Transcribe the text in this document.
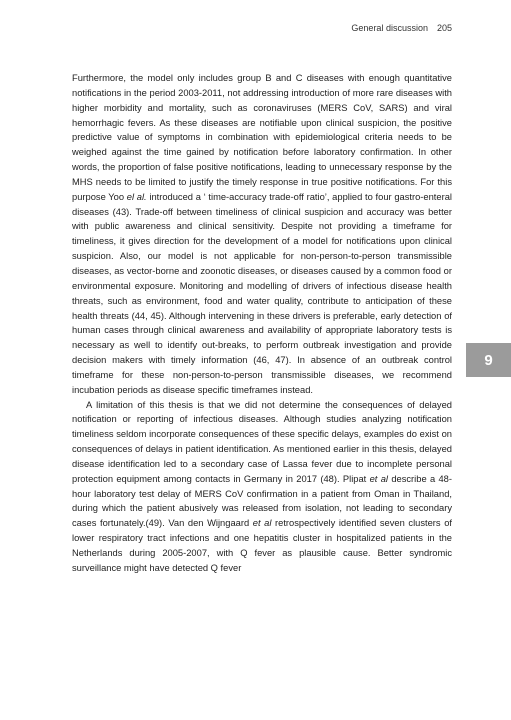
General discussion 205

Furthermore, the model only includes group B and C diseases with enough quantitative notifications in the period 2003-2011, not addressing introduction of more rare diseases with higher morbidity and mortality, such as coronaviruses (MERS CoV, SARS) and viral hemorrhagic fevers. As these diseases are notifiable upon clinical suspicion, the positive predictive value of symptoms in combination with epidemiological criteria needs to be weighed against the time gained by notification before laboratory confirmation. In other words, the proportion of false positive notifications, leading to unnecessary response by the MHS needs to be limited to justify the timely response in true positive notifications. For this purpose Yoo el al. introduced a ‘ time-accuracy trade-off ratio’, applied to four gastro-enteral diseases (43). Trade-off between timeliness of clinical suspicion and accuracy was better with public awareness and clinical sensitivity. Despite not providing a timeframe for timeliness, it gives direction for the development of a model for notifications upon clinical suspicion. Also, our model is not applicable for non-person-to-person transmissible diseases, as vector-borne and zoonotic diseases, or diseases caused by a common food or environmental exposure. Monitoring and modelling of drivers of infectious disease health threats, such as environment, food and water quality, contribute to anticipation of these health threats (44, 45). Although intervening in these drivers is preferable, early detection of human cases through clinical awareness and availability of appropriate laboratory tests is necessary as well to identify out-breaks, to perform outbreak investigation and provide decision makers with timely information (46, 47). In absence of an outbreak control timeframe for these non-person-to-person transmissible diseases, we recommend incubation periods as disease specific timeframes instead.

A limitation of this thesis is that we did not determine the consequences of delayed notification or reporting of infectious diseases. Although studies analyzing notification timeliness seldom incorporate consequences of these specific delays, examples do exist on consequences of delays in patient identification. As mentioned earlier in this thesis, delayed disease identification led to a secondary case of Lassa fever due to incomplete personal protection equipment among contacts in Germany in 2017 (48). Plipat et al describe a 48-hour laboratory test delay of MERS CoV confirmation in a patient from Oman in Thailand, during which the patient abusively was released from isolation, not leading to secondary cases fortunately.(49). Van den Wijngaard et al retrospectively identified seven clusters of lower respiratory tract infections and one hepatitis cluster in hospitalized patients in the Netherlands during 2005-2007, with Q fever as plausible cause. Better syndromic surveillance might have detected Q fever

9
